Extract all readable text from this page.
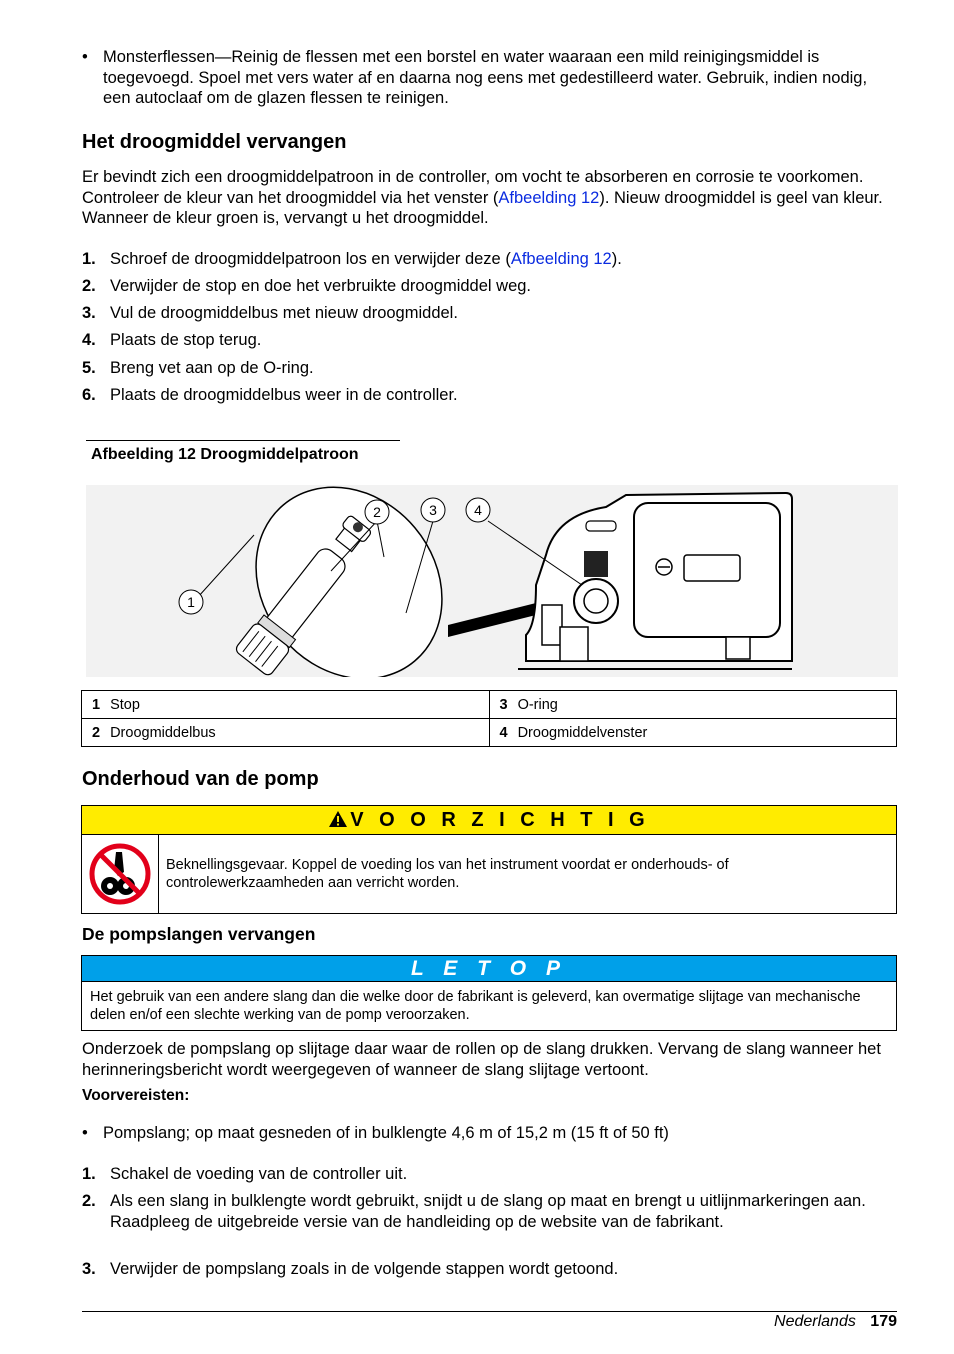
• Monsterflessen—Reinig de flessen met een borstel en water waaraan een mild reinigingsmiddel is toegevoegd. Spoel met vers water af en daarna nog eens met gedestilleerd water. Gebruik, indien nodig, een autoclaaf om de glazen flessen te reinigen.
Het droogmiddel vervangen
Er bevindt zich een droogmiddelpatroon in de controller, om vocht te absorberen en corrosie te voorkomen. Controleer de kleur van het droogmiddel via het venster (Afbeelding 12). Nieuw droogmiddel is geel van kleur. Wanneer de kleur groen is, vervangt u het droogmiddel.
1. Schroef de droogmiddelpatroon los en verwijder deze (Afbeelding 12).
2. Verwijder de stop en doe het verbruikte droogmiddel weg.
3. Vul de droogmiddelbus met nieuw droogmiddel.
4. Plaats de stop terug.
5. Breng vet aan op de O-ring.
6. Plaats de droogmiddelbus weer in de controller.
Afbeelding 12 Droogmiddelpatroon
1
2	3	4
1 Stop	3 O-ring
2 Droogmiddelbus	4 Droogmiddelvenster
Onderhoud van de pomp
V O O R Z I C H T I G
Beknellingsgevaar. Koppel de voeding los van het instrument voordat er onderhouds- of controlewerkzaamheden aan verricht worden.
De pompslangen vervangen
L E T O P
Het gebruik van een andere slang dan die welke door de fabrikant is geleverd, kan overmatige slijtage van mechanische delen en/of een slechte werking van de pomp veroorzaken.
Onderzoek de pompslang op slijtage daar waar de rollen op de slang drukken. Vervang de slang wanneer het herinneringsbericht wordt weergegeven of wanneer de slang slijtage vertoont.
Voorvereisten:
• Pompslang; op maat gesneden of in bulklengte 4,6 m of 15,2 m (15 ft of 50 ft)
1. Schakel de voeding van de controller uit.
2. Als een slang in bulklengte wordt gebruikt, snijdt u de slang op maat en brengt u uitlijnmarkeringen aan. Raadpleeg de uitgebreide versie van de handleiding op de website van de fabrikant.
3. Verwijder de pompslang zoals in de volgende stappen wordt getoond.
Nederlands 179
